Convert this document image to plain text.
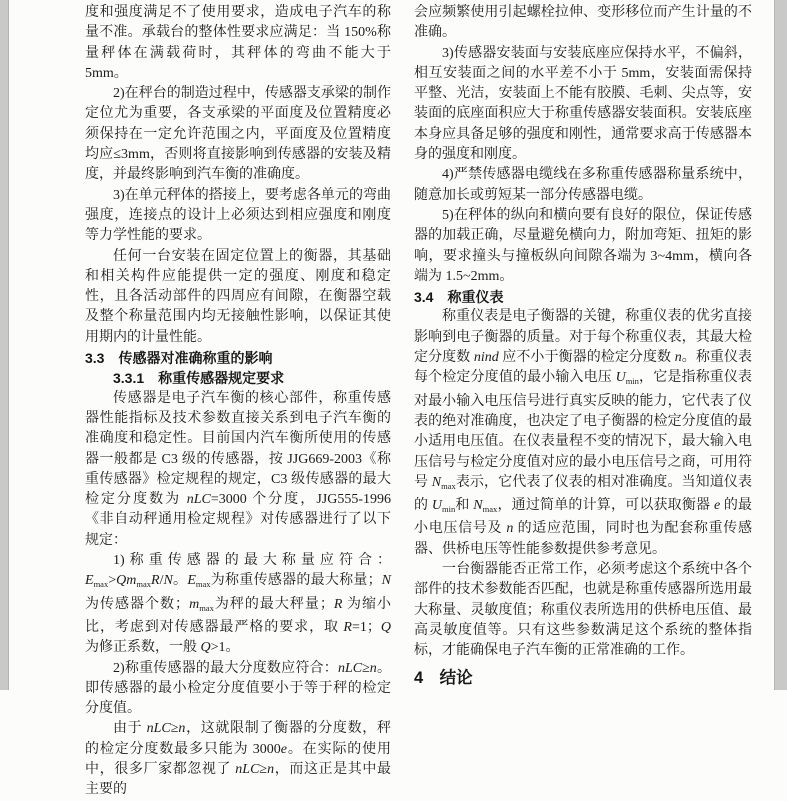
度和强度满足不了使用要求，造成电子汽车的称量不准。承载台的整体性要求应满足：当 150%称量秤体在满载荷时，其秤体的弯曲不能大于 5mm。

2)在秤台的制造过程中，传感器支承梁的制作定位尤为重要，各支承梁的平面度及位置精度必须保持在一定允许范围之内，平面度及位置精度均应≤3mm，否则将直接影响到传感器的安装及精度，并最终影响到汽车衡的准确度。

3)在单元秤体的搭接上，要考虑各单元的弯曲强度，连接点的设计上必须达到相应强度和刚度等力学性能的要求。

任何一台安装在固定位置上的衡器，其基础和相关构件应能提供一定的强度、刚度和稳定性，且各活动部件的四周应有间隙，在衡器空载及整个称量范围内均无接触性影响，以保证其使用期内的计量性能。

3.3　传感器对准确称重的影响

3.3.1　称重传感器规定要求

传感器是电子汽车衡的核心部件，称重传感器性能指标及技术参数直接关系到电子汽车衡的准确度和稳定性。目前国内汽车衡所使用的传感器一般都是 C3 级的传感器，按 JJG669-2003《称重传感器》检定规程的规定，C3 级传感器的最大检定分度数为 nLC=3000 个分度，JJG555-1996《非自动秤通用检定规程》对传感器进行了以下规定：

1)称重传感器的最大称量应符合：$E_{max}>Qm_{max}R/N$。$E_{max}$为称重传感器的最大称量；N 为传感器个数；$m_{max}$为秤的最大秤量；R 为缩小比，考虑到对传感器最严格的要求，取 R=1；Q 为修正系数，一般 Q>1。

2)称重传感器的最大分度数应符合：nLC≥n。即传感器的最小检定分度值要小于等于秤的检定分度值。

由于 nLC≥n，这就限制了衡器的分度数，秤的检定分度数最多只能为 3000e。在实际的使用中，很多厂家都忽视了 nLC≥n，而这正是其中最主要的

会应频繁使用引起螺栓拉伸、变形移位而产生计量的不准确。

3)传感器安装面与安装底座应保持水平，不偏斜，相互安装面之间的水平差不小于 5mm，安装面需保持平整、光洁，安装面上不能有胶膜、毛刺、尖点等，安装面的底座面积应大于称重传感器安装面积。安装底座本身应具备足够的强度和刚性，通常要求高于传感器本身的强度和刚度。

4)严禁传感器电缆线在多称重传感器称量系统中，随意加长或剪短某一部分传感器电缆。

5)在秤体的纵向和横向要有良好的限位，保证传感器的加载正确，尽量避免横向力，附加弯矩、扭矩的影响，要求撞头与撞板纵向间隙各端为 3~4mm，横向各端为 1.5~2mm。

3.4　称重仪表

称重仪表是电子衡器的关键，称重仪表的优劣直接影响到电子衡器的质量。对于每个称重仪表，其最大检定分度数 nind 应不小于衡器的检定分度数 n。称重仪表每个检定分度值的最小输入电压 $U_{min}$，它是指称重仪表对最小输入电压信号进行真实反映的能力，它代表了仪表的绝对准确度，也决定了电子衡器的检定分度值的最小适用电压值。在仪表量程不变的情况下，最大输入电压信号与检定分度值对应的最小电压信号之商，可用符号 $N_{max}$表示，它代表了仪表的相对准确度。当知道仪表的 $U_{min}$和 $N_{max}$，通过简单的计算，可以获取衡器 e 的最小电压信号及 n 的适应范围，同时也为配套称重传感器、供桥电压等性能参数提供参考意见。

一台衡器能否正常工作，必须考虑这个系统中各个部件的技术参数能否匹配，也就是称重传感器所选用最大称量、灵敏度值；称重仪表所选用的供桥电压值、最高灵敏度值等。只有这些参数满足这个系统的整体指标，才能确保电子汽车衡的正常准确的工作。

4　结论
